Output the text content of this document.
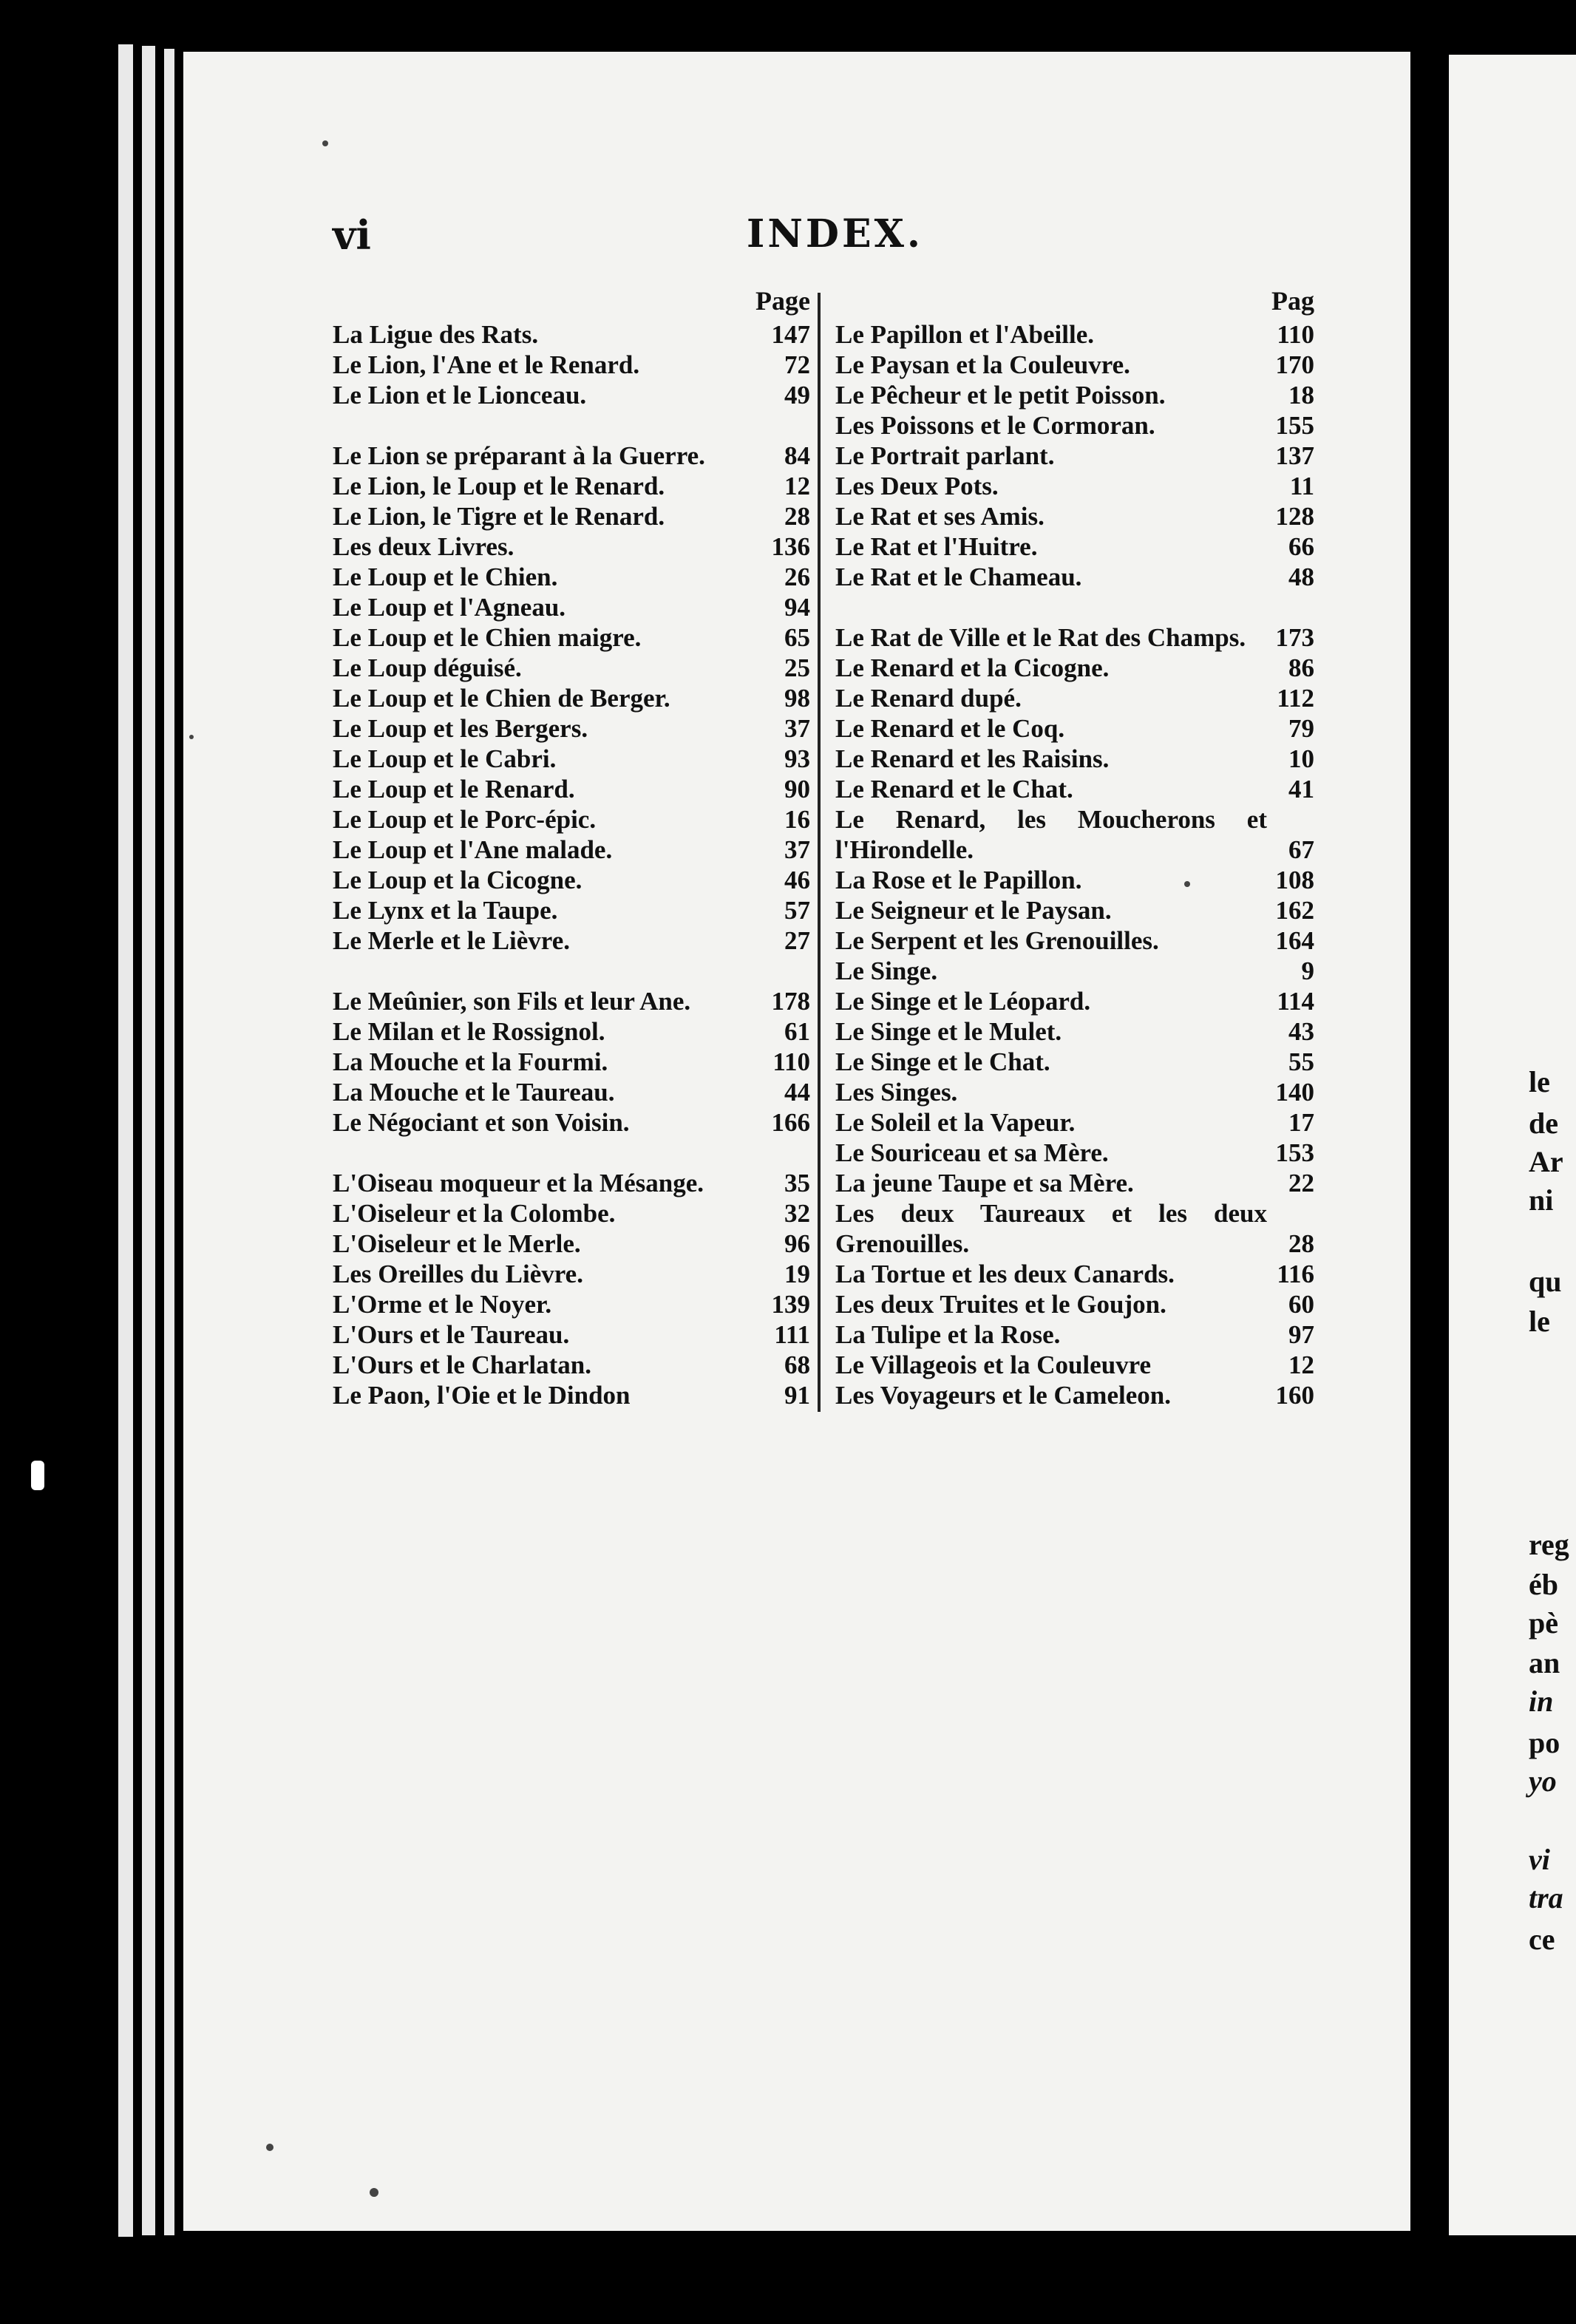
le
de
Ar
ni
qu
le
reg
éb
pè
an
in
po
yo
vi
tra
ce
vi	INDEX.
Page
La Ligue des Rats.	147
Le Lion, l'Ane et le Renard.	72
Le Lion et le Lionceau.	49
Le Lion se préparant à la Guerre.	84
Le Lion, le Loup et le Renard.	12
Le Lion, le Tigre et le Renard.	28
Les deux Livres.	136
Le Loup et le Chien.	26
Le Loup et l'Agneau.	94
Le Loup et le Chien maigre.	65
Le Loup déguisé.	25
Le Loup et le Chien de Berger.	98
Le Loup et les Bergers.	37
Le Loup et le Cabri.	93
Le Loup et le Renard.	90
Le Loup et le Porc-épic.	16
Le Loup et l'Ane malade.	37
Le Loup et la Cicogne.	46
Le Lynx et la Taupe.	57
Le Merle et le Lièvre.	27
Le Meûnier, son Fils et leur Ane.	178
Le Milan et le Rossignol.	61
La Mouche et la Fourmi.	110
La Mouche et le Taureau.	44
Le Négociant et son Voisin.	166
L'Oiseau moqueur et la Mésange.	35
L'Oiseleur et la Colombe.	32
L'Oiseleur et le Merle.	96
Les Oreilles du Lièvre.	19
L'Orme et le Noyer.	139
L'Ours et le Taureau.	111
L'Ours et le Charlatan.	68
Le Paon, l'Oie et le Dindon	91
Pag
Le Papillon et l'Abeille.	110
Le Paysan et la Couleuvre.	170
Le Pêcheur et le petit Poisson.	18
Les Poissons et le Cormoran.	155
Le Portrait parlant.	137
Les Deux Pots.	11
Le Rat et ses Amis.	128
Le Rat et l'Huitre.	66
Le Rat et le Chameau.	48
Le Rat de Ville et le Rat des Champs.	173
Le Renard et la Cicogne.	86
Le Renard dupé.	112
Le Renard et le Coq.	79
Le Renard et les Raisins.	10
Le Renard et le Chat.	41
Le Renard, les Moucherons et l'Hirondelle.	67
La Rose et le Papillon.	108
Le Seigneur et le Paysan.	162
Le Serpent et les Grenouilles.	164
Le Singe.	9
Le Singe et le Léopard.	114
Le Singe et le Mulet.	43
Le Singe et le Chat.	55
Les Singes.	140
Le Soleil et la Vapeur.	17
Le Souriceau et sa Mère.	153
La jeune Taupe et sa Mère.	22
Les deux Taureaux et les deux Grenouilles.	28
La Tortue et les deux Canards.	116
Les deux Truites et le Goujon.	60
La Tulipe et la Rose.	97
Le Villageois et la Couleuvre	12
Les Voyageurs et le Cameleon.	160
